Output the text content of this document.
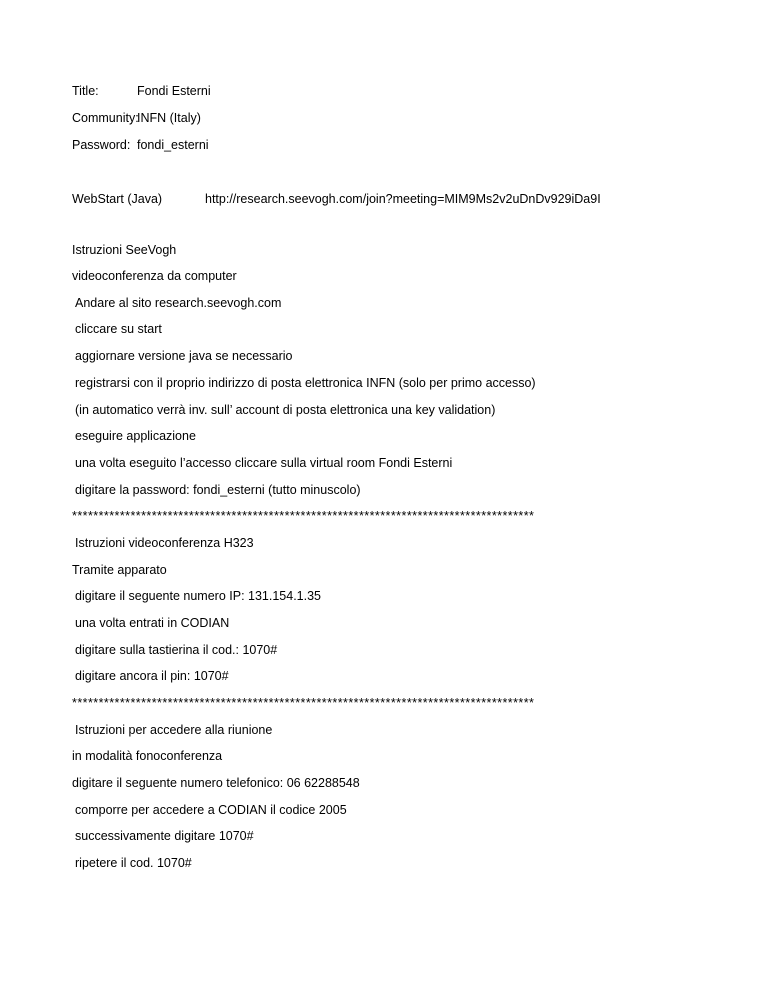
Title:	Fondi Esterni
Community:
INFN (Italy)
Password: fondi_esterni
WebStart (Java)	http://research.seevogh.com/join?meeting=MIM9Ms2v2uDnDv929iDa9I
Istruzioni SeeVogh
videoconferenza da computer
Andare al sito research.seevogh.com
cliccare su start
aggiornare versione java se necessario
registrarsi con il proprio indirizzo di posta elettronica INFN (solo per primo accesso)
(in automatico verrà inv. sull’ account di posta elettronica una key validation)
eseguire applicazione
una volta eseguito l’accesso cliccare sulla virtual room Fondi Esterni
digitare la password: fondi_esterni (tutto minuscolo)
***************************************************************************************
Istruzioni videoconferenza H323
Tramite apparato
digitare il seguente numero IP: 131.154.1.35
una volta entrati in CODIAN
digitare sulla tastierina il cod.: 1070#
digitare ancora il pin: 1070#
***************************************************************************************
Istruzioni per accedere alla riunione
in modalità fonoconferenza
digitare il seguente numero telefonico: 06 62288548
comporre per accedere a CODIAN il codice 2005
successivamente digitare 1070#
ripetere il cod. 1070#
